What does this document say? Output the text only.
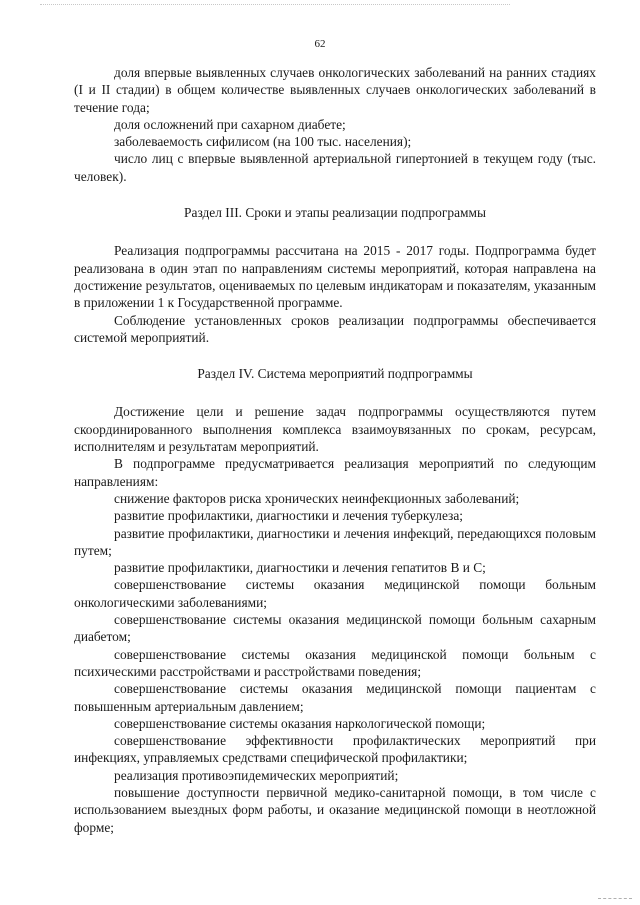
62

доля впервые выявленных случаев онкологических заболеваний на ранних стадиях (I и II стадии) в общем количестве выявленных случаев онкологических заболеваний в течение года;

доля осложнений при сахарном диабете;

заболеваемость сифилисом (на 100 тыс. населения);

число лиц с впервые выявленной артериальной гипертонией в текущем году (тыс. человек).

Раздел III. Сроки и этапы реализации подпрограммы

Реализация подпрограммы рассчитана на 2015 - 2017 годы. Подпрограмма будет реализована в один этап по направлениям системы мероприятий, которая направлена на достижение результатов, оцениваемых по целевым индикаторам и показателям, указанным в приложении 1 к Государственной программе.

Соблюдение установленных сроков реализации подпрограммы обеспечивается системой мероприятий.

Раздел IV. Система мероприятий подпрограммы

Достижение цели и решение задач подпрограммы осуществляются путем скоординированного выполнения комплекса взаимоувязанных по срокам, ресурсам, исполнителям и результатам мероприятий.

В подпрограмме предусматривается реализация мероприятий по следующим направлениям:

снижение факторов риска хронических неинфекционных заболеваний;

развитие профилактики, диагностики и лечения туберкулеза;

развитие профилактики, диагностики и лечения инфекций, передающихся половым путем;

развитие профилактики, диагностики и лечения гепатитов В и С;

совершенствование системы оказания медицинской помощи больным онкологическими заболеваниями;

совершенствование системы оказания медицинской помощи больным сахарным диабетом;

совершенствование системы оказания медицинской помощи больным с психическими расстройствами и расстройствами поведения;

совершенствование системы оказания медицинской помощи пациентам с повышенным артериальным давлением;

совершенствование системы оказания наркологической помощи;

совершенствование эффективности профилактических мероприятий при инфекциях, управляемых средствами специфической профилактики;

реализация противоэпидемических мероприятий;

повышение доступности первичной медико-санитарной помощи, в том числе с использованием выездных форм работы, и оказание медицинской помощи в неотложной форме;
